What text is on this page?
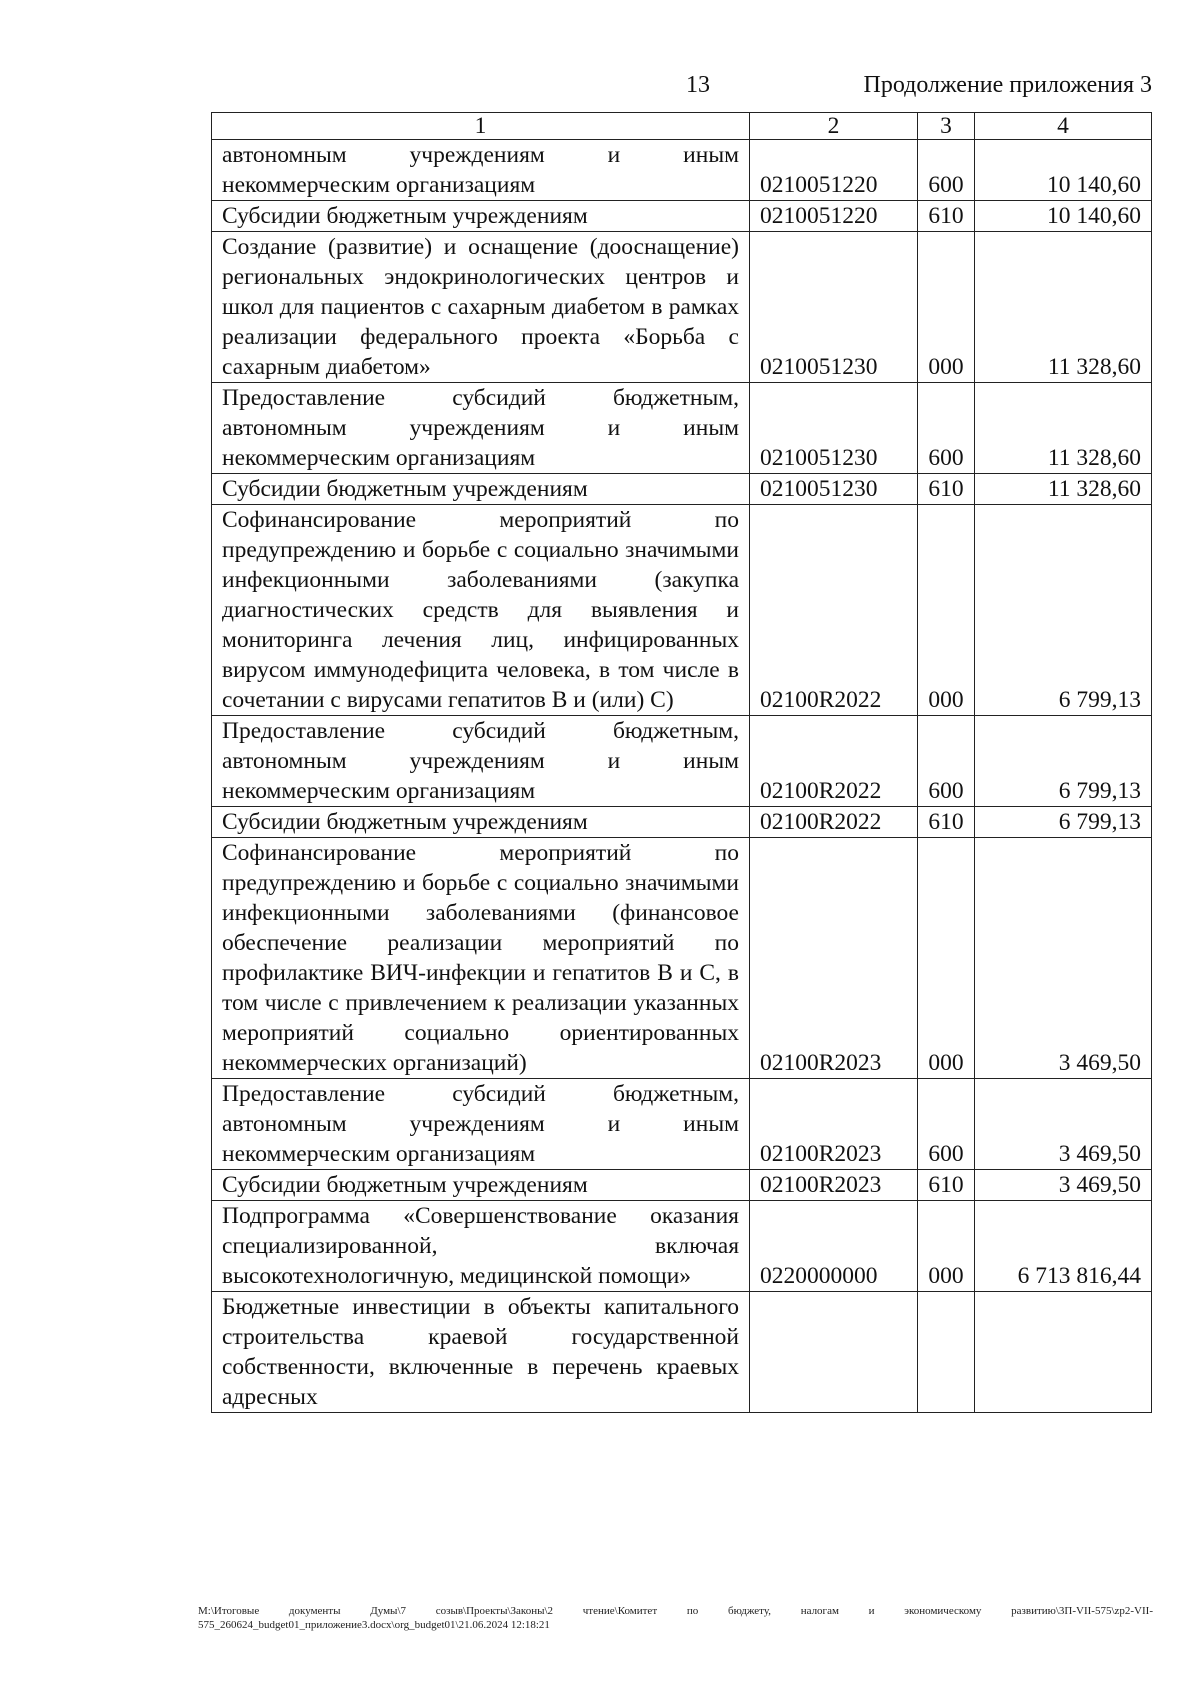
13	Продолжение приложения 3
1	2	3	4
автономным учреждениям и иным некоммерческим организациям	0210051220	600	10 140,60
Субсидии бюджетным учреждениям	0210051220	610	10 140,60
Создание (развитие) и оснащение (дооснащение) региональных эндокринологических центров и школ для пациентов с сахарным диабетом в рамках реализации федерального проекта «Борьба с сахарным диабетом»	0210051230	000	11 328,60
Предоставление субсидий бюджетным, автономным учреждениям и иным некоммерческим организациям	0210051230	600	11 328,60
Субсидии бюджетным учреждениям	0210051230	610	11 328,60
Софинансирование мероприятий по предупреждению и борьбе с социально значимыми инфекционными заболеваниями (закупка диагностических средств для выявления и мониторинга лечения лиц, инфицированных вирусом иммунодефицита человека, в том числе в сочетании с вирусами гепатитов В и (или) С)	02100R2022	000	6 799,13
Предоставление субсидий бюджетным, автономным учреждениям и иным некоммерческим организациям	02100R2022	600	6 799,13
Субсидии бюджетным учреждениям	02100R2022	610	6 799,13
Софинансирование мероприятий по предупреждению и борьбе с социально значимыми инфекционными заболеваниями (финансовое обеспечение реализации мероприятий по профилактике ВИЧ-инфекции и гепатитов В и С, в том числе с привлечением к реализации указанных мероприятий социально ориентированных некоммерческих организаций)	02100R2023	000	3 469,50
Предоставление субсидий бюджетным, автономным учреждениям и иным некоммерческим организациям	02100R2023	600	3 469,50
Субсидии бюджетным учреждениям	02100R2023	610	3 469,50
Подпрограмма «Совершенствование оказания специализированной, включая высокотехнологичную, медицинской помощи»	0220000000	000	6 713 816,44
Бюджетные инвестиции в объекты капитального строительства краевой государственной собственности, включенные в перечень краевых адресных			
М:\Итоговые документы Думы\7 созыв\Проекты\Законы\2 чтение\Комитет по бюджету, налогам и экономическому развитию\3П-VII-575\zp2-VII-575_260624_budget01_приложение3.docx\org_budget01\21.06.2024 12:18:21
